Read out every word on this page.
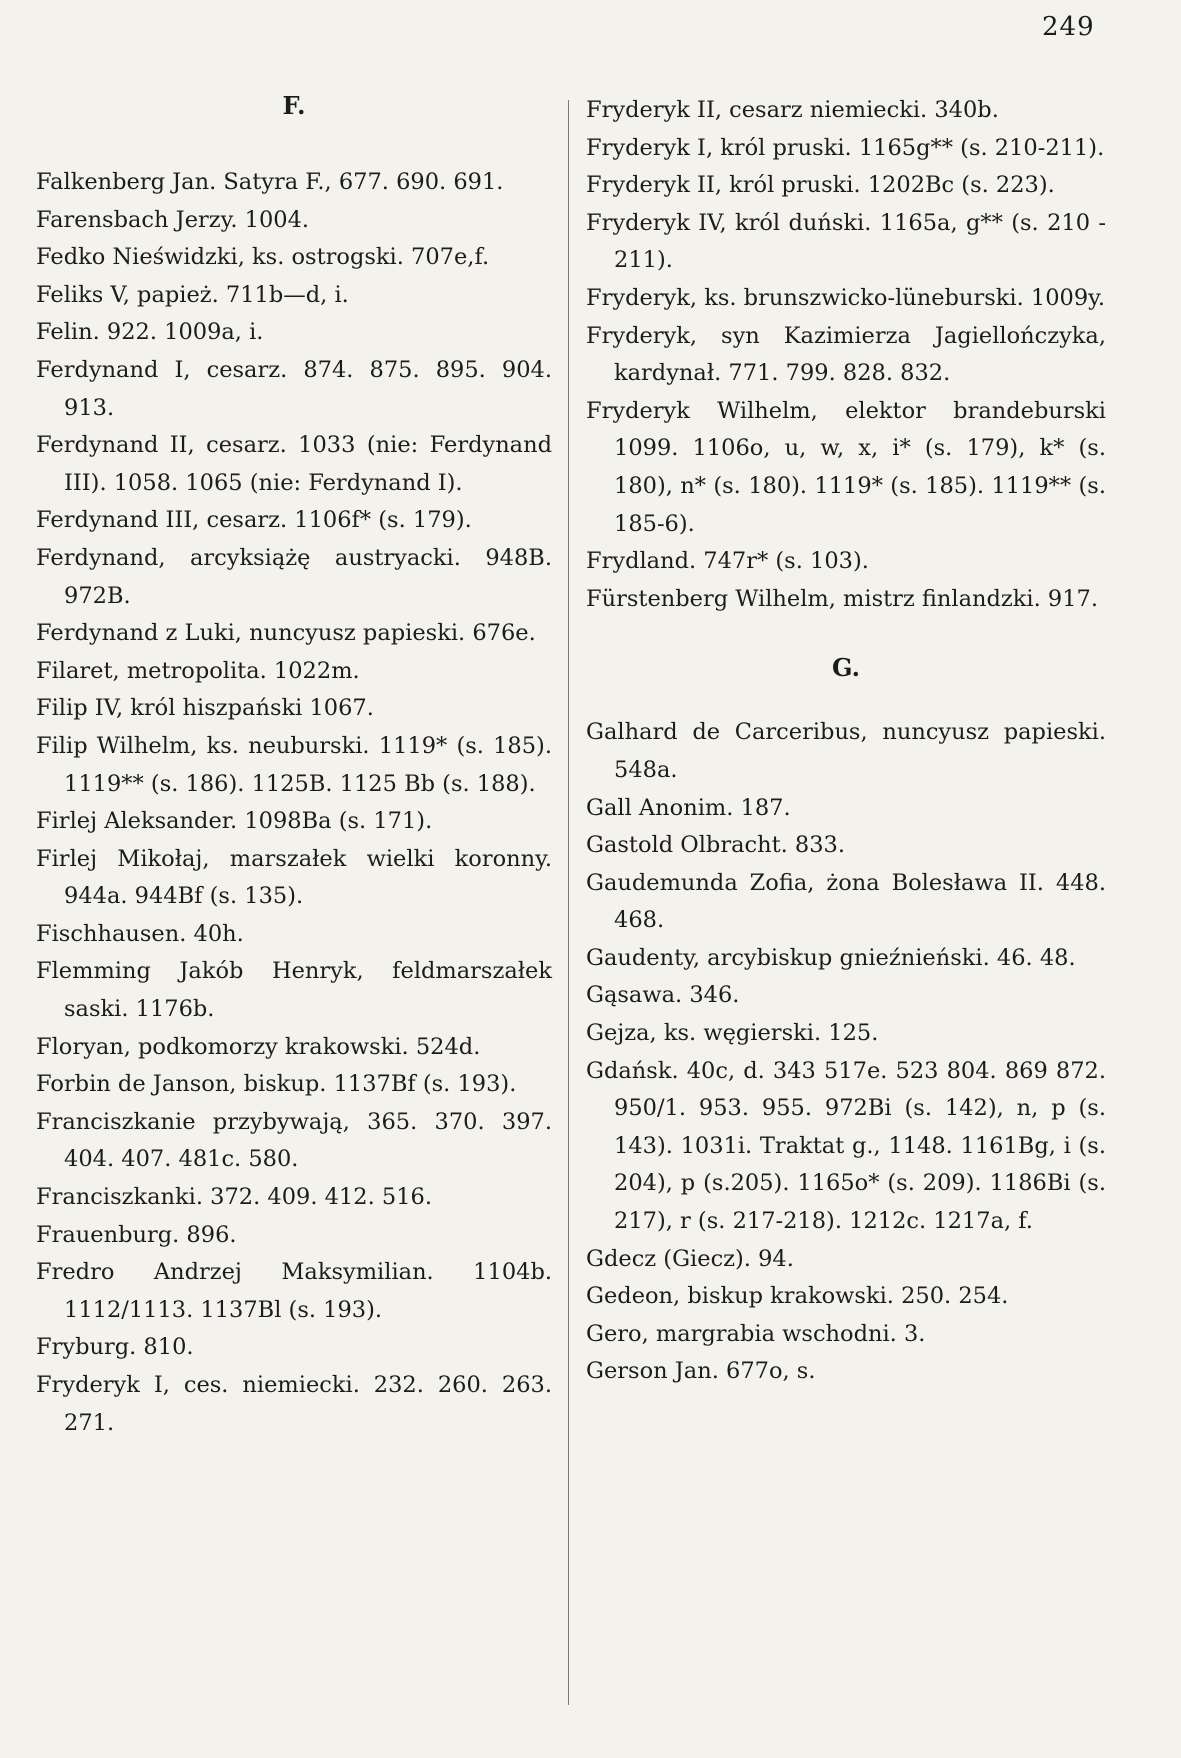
249
F.

Falkenberg Jan. Satyra F., 677. 690. 691.

Farensbach Jerzy. 1004.

Fedko Nieświdzki, ks. ostrogski. 707e,f.

Feliks V, papież. 711b—d, i.

Felin. 922. 1009a, i.

Ferdynand I, cesarz. 874. 875. 895. 904. 913.

Ferdynand II, cesarz. 1033 (nie: Ferdynand III). 1058. 1065 (nie: Ferdynand I).

Ferdynand III, cesarz. 1106f* (s. 179).

Ferdynand, arcyksiążę austryacki. 948B. 972B.

Ferdynand z Luki, nuncyusz papieski. 676e.

Filaret, metropolita. 1022m.

Filip IV, król hiszpański 1067.

Filip Wilhelm, ks. neuburski. 1119* (s. 185). 1119** (s. 186). 1125B. 1125 Bb (s. 188).

Firlej Aleksander. 1098Ba (s. 171).

Firlej Mikołaj, marszałek wielki koronny. 944a. 944Bf (s. 135).

Fischhausen. 40h.

Flemming Jakób Henryk, feldmarszałek saski. 1176b.

Floryan, podkomorzy krakowski. 524d.

Forbin de Janson, biskup. 1137Bf (s. 193).

Franciszkanie przybywają, 365. 370. 397. 404. 407. 481c. 580.

Franciszkanki. 372. 409. 412. 516.

Frauenburg. 896.

Fredro Andrzej Maksymilian. 1104b. 1112/1113. 1137Bl (s. 193).

Fryburg. 810.

Fryderyk I, ces. niemiecki. 232. 260. 263. 271.

Fryderyk II, cesarz niemiecki. 340b.

Fryderyk I, król pruski. 1165g** (s. 210-211).

Fryderyk II, król pruski. 1202Bc (s. 223).

Fryderyk IV, król duński. 1165a, g** (s. 210 - 211).

Fryderyk, ks. brunszwicko-lüneburski. 1009y.

Fryderyk, syn Kazimierza Jagiellończyka, kardynał. 771. 799. 828. 832.

Fryderyk Wilhelm, elektor brandeburski 1099. 1106o, u, w, x, i* (s. 179), k* (s. 180), n* (s. 180). 1119* (s. 185). 1119** (s. 185-6).

Frydland. 747r* (s. 103).

Fürstenberg Wilhelm, mistrz finlandzki. 917.

G.

Galhard de Carceribus, nuncyusz papieski. 548a.

Gall Anonim. 187.

Gastold Olbracht. 833.

Gaudemunda Zofia, żona Bolesława II. 448. 468.

Gaudenty, arcybiskup gnieźnieński. 46. 48.

Gąsawa. 346.

Gejza, ks. węgierski. 125.

Gdańsk. 40c, d. 343 517e. 523 804. 869 872. 950/1. 953. 955. 972Bi (s. 142), n, p (s. 143). 1031i. Traktat g., 1148. 1161Bg, i (s. 204), p (s.205). 1165o* (s. 209). 1186Bi (s. 217), r (s. 217-218). 1212c. 1217a, f.

Gdecz (Giecz). 94.

Gedeon, biskup krakowski. 250. 254.

Gero, margrabia wschodni. 3.

Gerson Jan. 677o, s.
